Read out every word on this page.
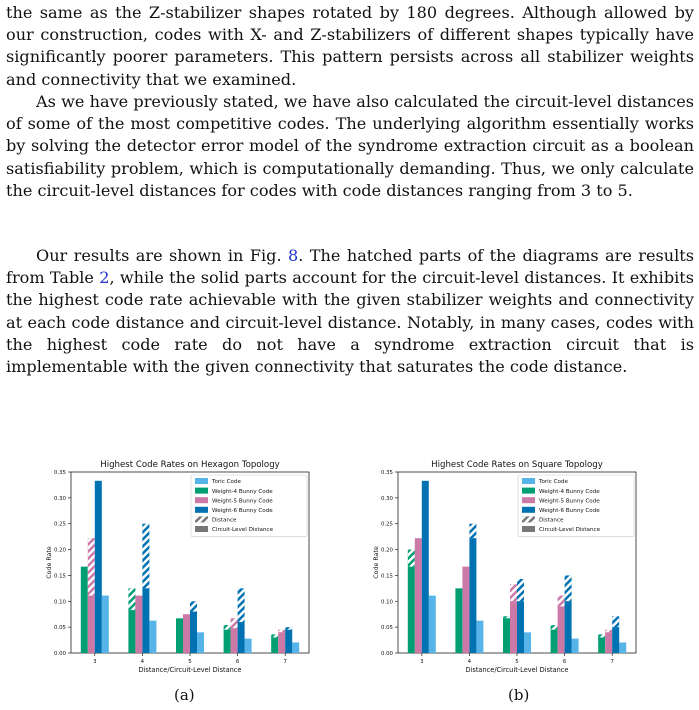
the same as the Z-stabilizer shapes rotated by 180 degrees. Although allowed by our construction, codes with X- and Z-stabilizers of different shapes typically have significantly poorer parameters. This pattern persists across all stabilizer weights and connectivity that we examined.

As we have previously stated, we have also calculated the circuit-level distances of some of the most competitive codes. The underlying algorithm essentially works by solving the detector error model of the syndrome extraction circuit as a boolean satisfiability problem, which is computationally demanding. Thus, we only calculate the circuit-level distances for codes with code distances ranging from 3 to 5.

Our results are shown in Fig. 8. The hatched parts of the diagrams are results from Table 2, while the solid parts account for the circuit-level distances. It exhibits the highest code rate achievable with the given stabilizer weights and connectivity at each code distance and circuit-level distance. Notably, in many cases, codes with the highest code rate do not have a syndrome extraction circuit that is implementable with the given connectivity that saturates the code distance.

Highest Code Rates on Hexagon Topology
0.00
0.05
0.10
0.15
0.20
0.25
0.30
0.35
Code Rate
3	4	5	6	7
Distance/Circuit-Level Distance
Toric Code
Weight-4 Bunny Code
Weight-5 Bunny Code
Weight-6 Bunny Code
Distance
Circuit-Level Distance
Highest Code Rates on Square Topology
0.00
0.05
0.10
0.15
0.20
0.25
0.30
0.35
Code Rate
3	4	5	6	7
Distance/Circuit-Level Distance
Toric Code
Weight-4 Bunny Code
Weight-5 Bunny Code
Weight-6 Bunny Code
Distance
Circuit-Level Distance
(a)	(b)
